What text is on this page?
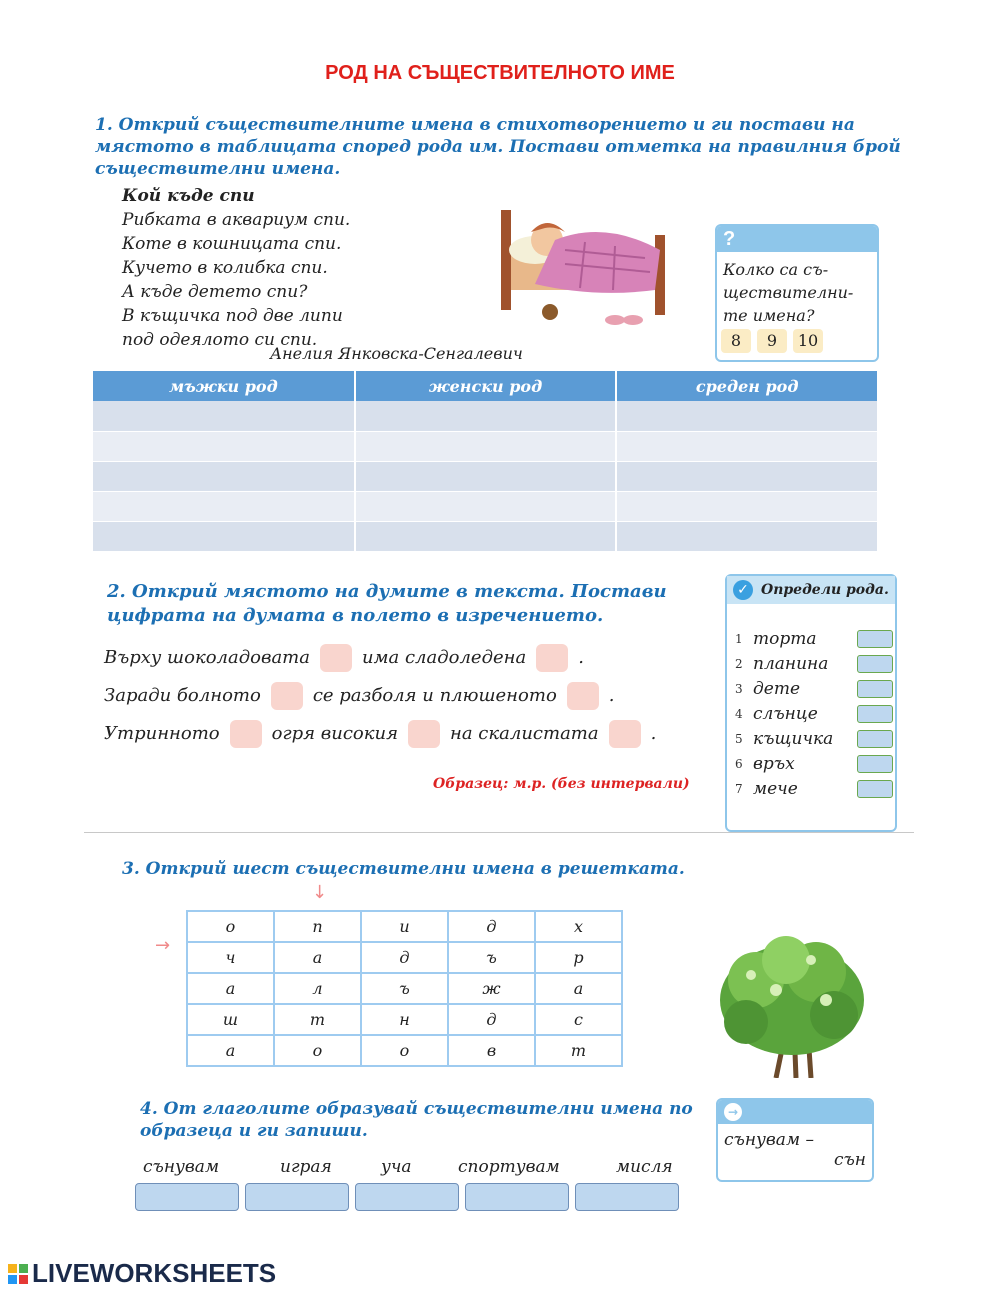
РОД НА СЪЩЕСТВИТЕЛНОТО ИМЕ
1. Открий съществителните имена в стихотворението и ги постави на
мястото в таблицата според рода им. Постави отметка на правилния брой
съществителни имена.
Кой къде спи
Рибката в аквариум спи.
Коте в кошницата спи.
Кучето в колибка спи.
А къде детето спи?
В къщичка под две липи
под одеялото си спи.
Анелия Янковска-Сенгалевич
?
Колко са съ-
ществителни-
те имена?
8	9	10
мъжки род	женски род	среден род

2. Открий мястото на думите в текста. Постави
цифрата на думата в полето в изречението.
Върху шоколадовата	има сладоледена	.
Заради болното	се разболя и плюшеното	.
Утринното	огря високия	на скалистата	.
Образец: м.р. (без интервали)
✓ Определи рода.
1 торта
2 планина
3 дете
4 слънце
5 къщичка
6 връх
7 мече
3. Открий шест съществителни имена в решетката.
↓
→
о	п	и	д	х
ч	а	д	ъ	р
а	л	ъ	ж	а
ш	т	н	д	с
а	о	о	в	т
4. От глаголите образувай съществителни имена по
образеца и ги запиши.
сънувам	играя	уча	спортувам	мисля
→
сънувам –
сън
LIVEWORKSHEETS
